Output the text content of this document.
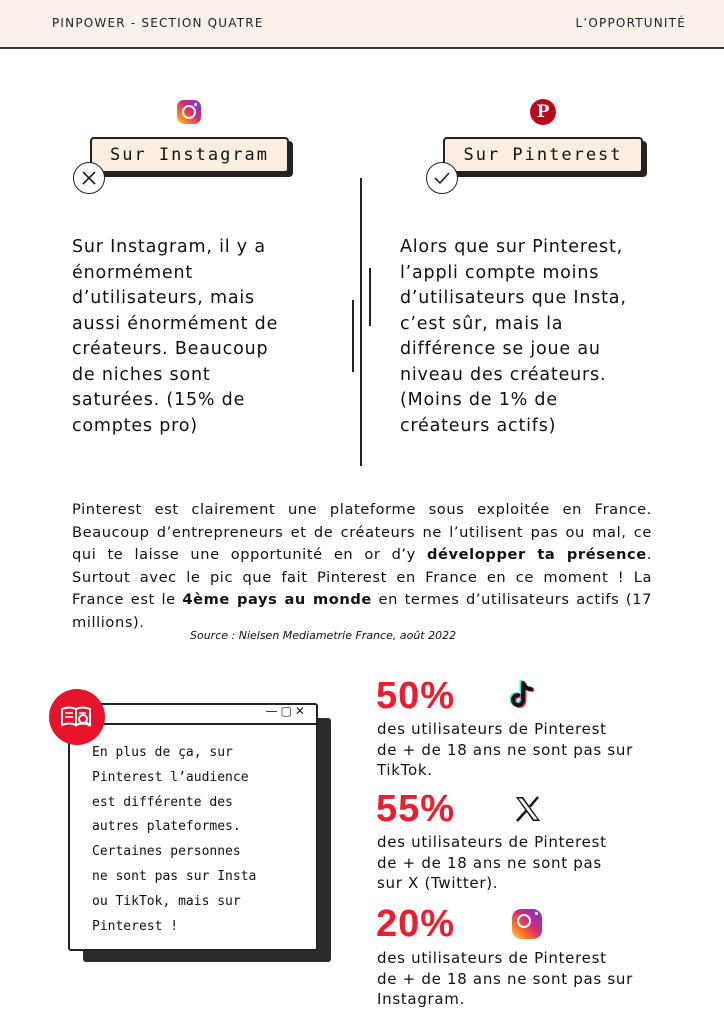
PINPOWER - SECTION QUATRE	L’OPPORTUNITÉ
Sur Instagram
Sur Instagram, il y a
énormément
d’utilisateurs, mais
aussi énormément de
créateurs. Beaucoup
de niches sont
saturées. (15% de
comptes pro)
P
Sur Pinterest
Alors que sur Pinterest,
l’appli compte moins
d’utilisateurs que Insta,
c’est sûr, mais la
différence se joue au
niveau des créateurs.
(Moins de 1% de
créateurs actifs)
Pinterest est clairement une plateforme sous exploitée en France. Beaucoup d’entrepreneurs et de créateurs ne l’utilisent pas ou mal, ce qui te laisse une opportunité en or d’y développer ta présence. Surtout avec le pic que fait Pinterest en France en ce moment ! La France est le 4ème pays au monde en termes d’utilisateurs actifs (17 millions).
Source : Nielsen Mediametrie France, août 2022
—▢✕
En plus de ça, sur
Pinterest l’audience
est différente des
autres plateformes.
Certaines personnes
ne sont pas sur Insta
ou TikTok, mais sur
Pinterest !
50%
des utilisateurs de Pinterest
de + de 18 ans ne sont pas sur
TikTok.
55%
des utilisateurs de Pinterest
de + de 18 ans ne sont pas
sur X (Twitter).
20%
des utilisateurs de Pinterest
de + de 18 ans ne sont pas sur
Instagram.
